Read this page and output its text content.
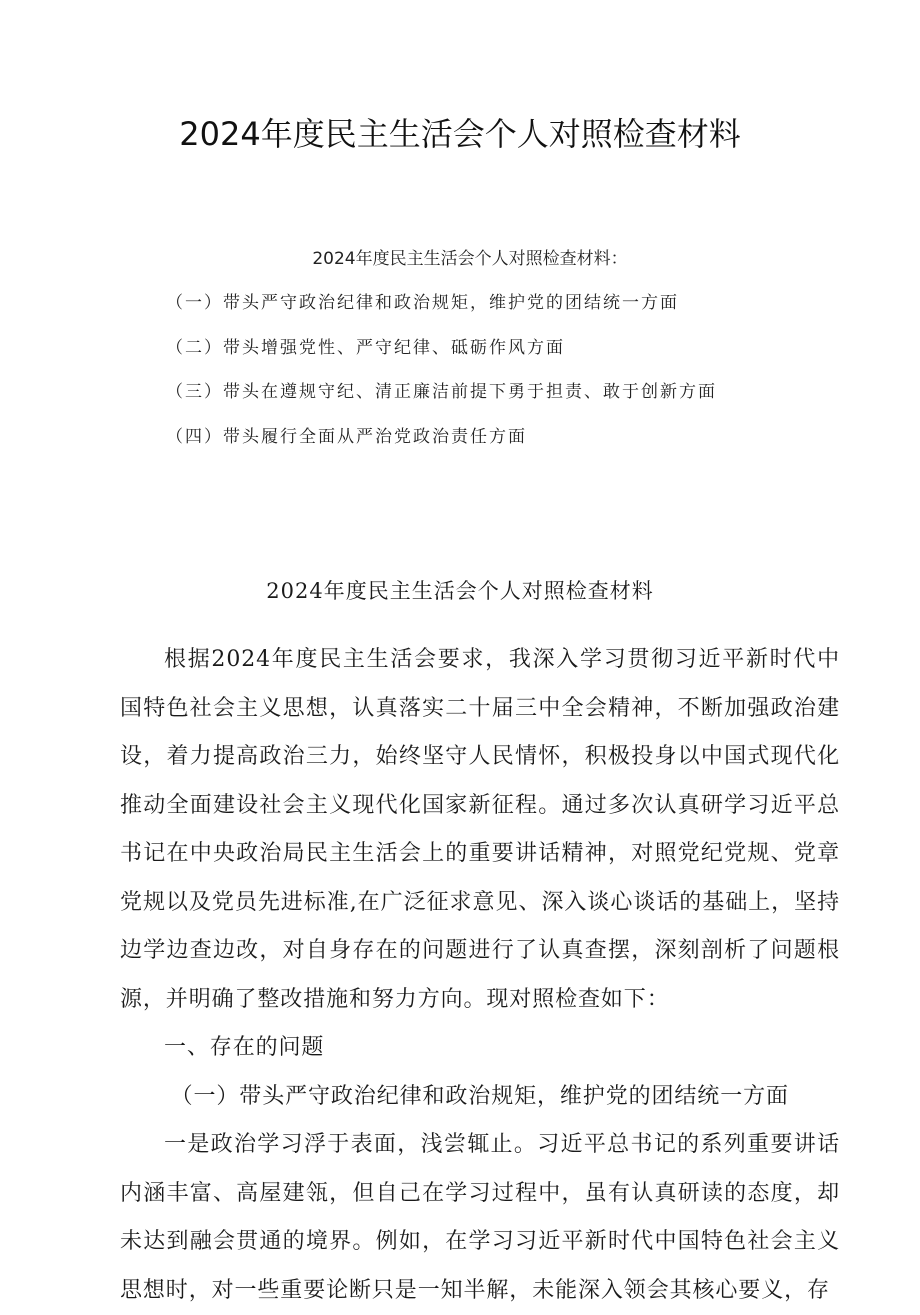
2024年度民主生活会个人对照检查材料
2024年度民主生活会个人对照检查材料：
（一）带头严守政治纪律和政治规矩，维护党的团结统一方面
（二）带头增强党性、严守纪律、砥砺作风方面
（三）带头在遵规守纪、清正廉洁前提下勇于担责、敢于创新方面
（四）带头履行全面从严治党政治责任方面
2024年度民主生活会个人对照检查材料

根据2024年度民主生活会要求，我深入学习贯彻习近平新时代中国特色社会主义思想，认真落实二十届三中全会精神，不断加强政治建设，着力提高政治三力，始终坚守人民情怀，积极投身以中国式现代化推动全面建设社会主义现代化国家新征程。通过多次认真研学习近平总书记在中央政治局民主生活会上的重要讲话精神，对照党纪党规、党章党规以及党员先进标准,在广泛征求意见、深入谈心谈话的基础上，坚持边学边查边改，对自身存在的问题进行了认真查摆，深刻剖析了问题根源，并明确了整改措施和努力方向。现对照检查如下：

一、存在的问题

（一）带头严守政治纪律和政治规矩，维护党的团结统一方面

一是政治学习浮于表面，浅尝辄止。习近平总书记的系列重要讲话内涵丰富、高屋建瓴，但自己在学习过程中，虽有认真研读的态度，却未达到融会贯通的境界。例如，在学习习近平新时代中国特色社会主义思想时，对一些重要论断只是一知半解，未能深入领会其核心要义，存
